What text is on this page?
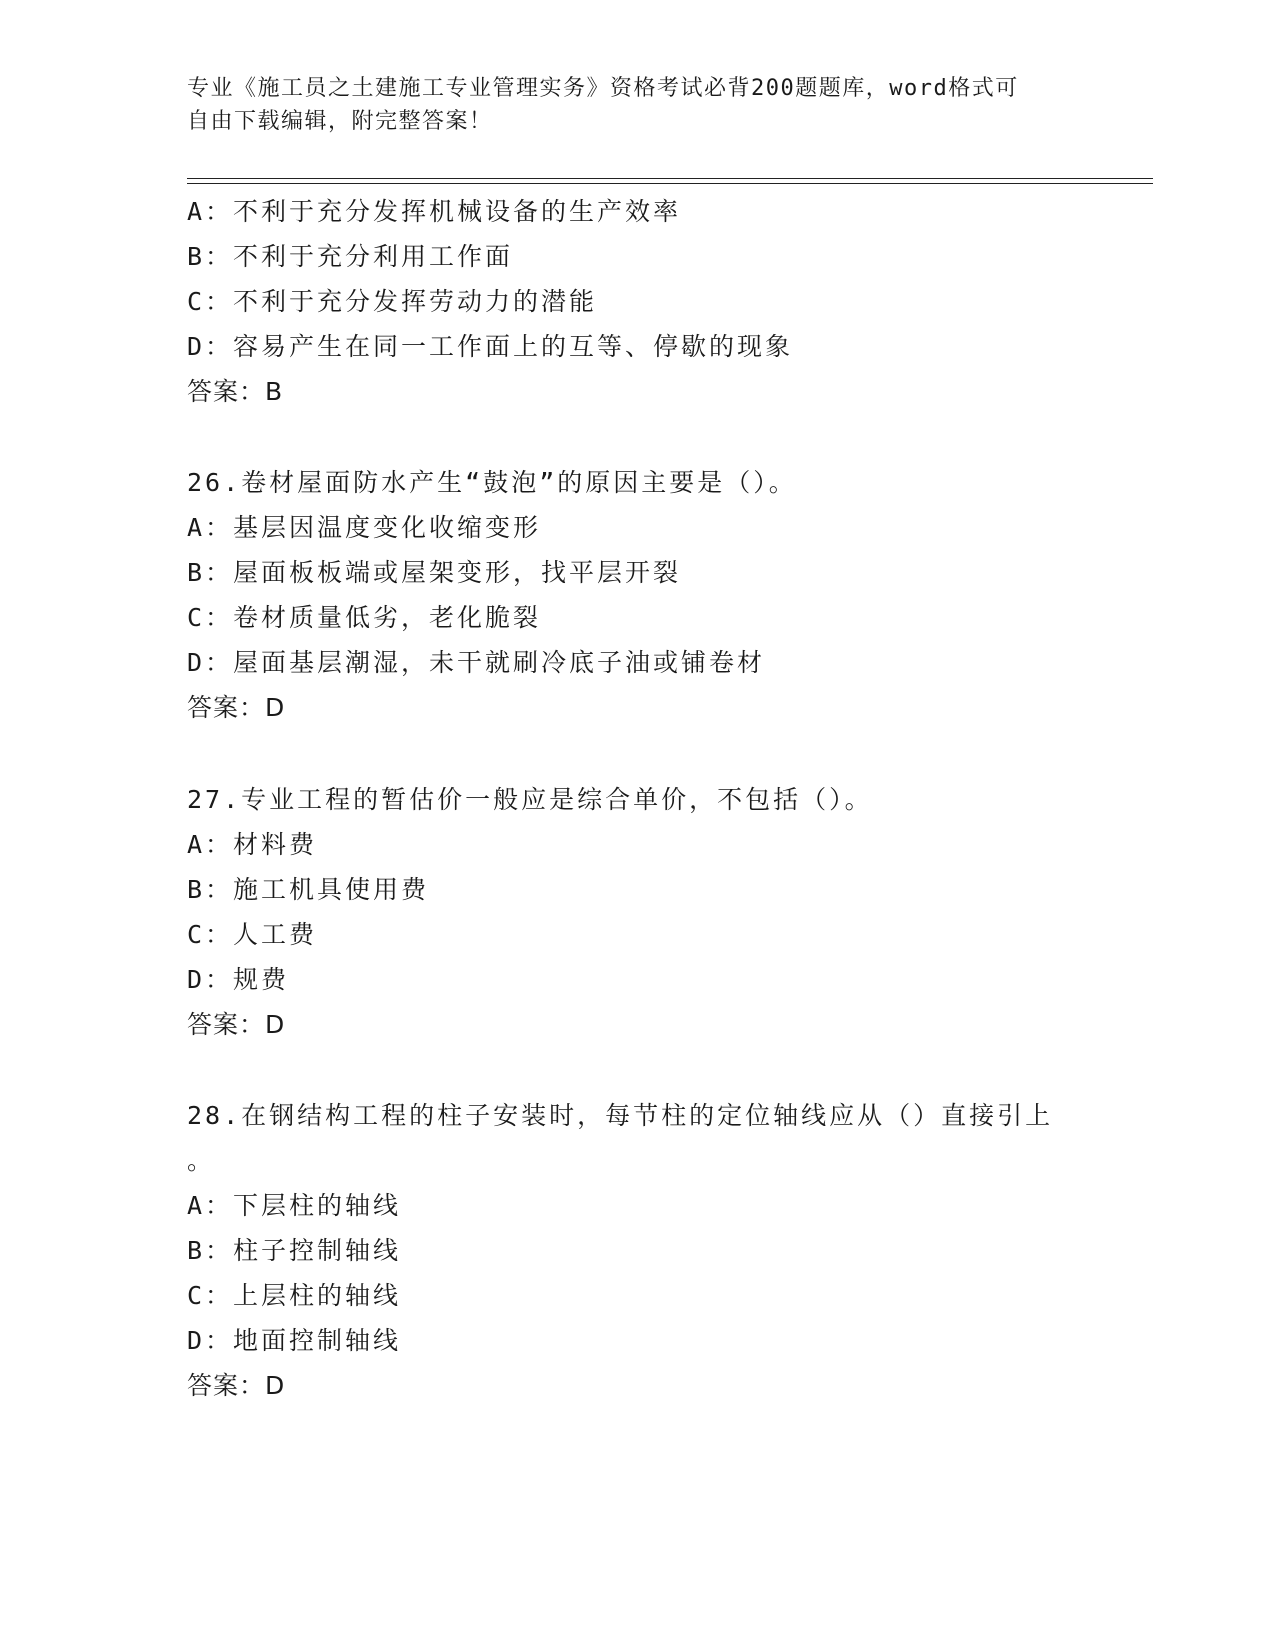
专业《施工员之土建施工专业管理实务》资格考试必背200题题库，word格式可
自由下载编辑，附完整答案！
A：不利于充分发挥机械设备的生产效率
B：不利于充分利用工作面
C：不利于充分发挥劳动力的潜能
D：容易产生在同一工作面上的互等、停歇的现象
答案：B
26.卷材屋面防水产生“鼓泡”的原因主要是（）。
A：基层因温度变化收缩变形
B：屋面板板端或屋架变形，找平层开裂
C：卷材质量低劣，老化脆裂
D：屋面基层潮湿，未干就刷冷底子油或铺卷材
答案：D
27.专业工程的暂估价一般应是综合单价，不包括（）。
A：材料费
B：施工机具使用费
C：人工费
D：规费
答案：D
28.在钢结构工程的柱子安装时，每节柱的定位轴线应从（）直接引上
。
A：下层柱的轴线
B：柱子控制轴线
C：上层柱的轴线
D：地面控制轴线
答案：D
